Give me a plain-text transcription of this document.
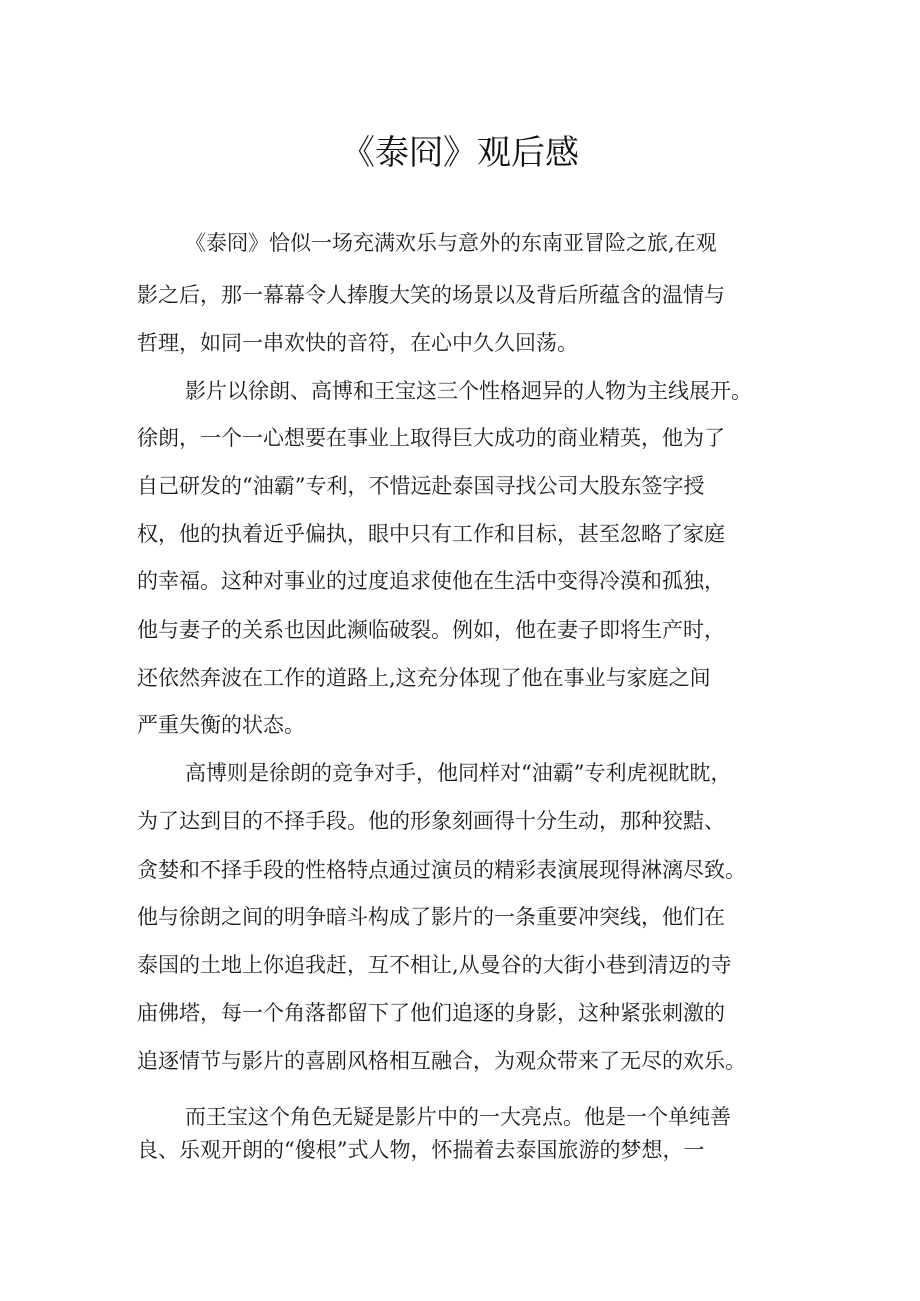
《泰冏》观后感

《泰冏》恰似一场充满欢乐与意外的东南亚冒险之旅,在观

影之后，那一幕幕令人捧腹大笑的场景以及背后所蕴含的温情与

哲理，如同一串欢快的音符，在心中久久回荡。

影片以徐朗、高博和王宝这三个性格迥异的人物为主线展开。

徐朗，一个一心想要在事业上取得巨大成功的商业精英，他为了

自己研发的“油霸”专利，不惜远赴泰国寻找公司大股东签字授

权，他的执着近乎偏执，眼中只有工作和目标，甚至忽略了家庭

的幸福。这种对事业的过度追求使他在生活中变得冷漠和孤独，

他与妻子的关系也因此濒临破裂。例如，他在妻子即将生产时，

还依然奔波在工作的道路上,这充分体现了他在事业与家庭之间

严重失衡的状态。

高博则是徐朗的竞争对手，他同样对“油霸”专利虎视眈眈，

为了达到目的不择手段。他的形象刻画得十分生动，那种狡黠、

贪婪和不择手段的性格特点通过演员的精彩表演展现得淋漓尽致。

他与徐朗之间的明争暗斗构成了影片的一条重要冲突线，他们在

泰国的土地上你追我赶，互不相让,从曼谷的大街小巷到清迈的寺

庙佛塔，每一个角落都留下了他们追逐的身影，这种紧张刺激的

追逐情节与影片的喜剧风格相互融合，为观众带来了无尽的欢乐。

而王宝这个角色无疑是影片中的一大亮点。他是一个单纯善

良、乐观开朗的“傻根”式人物，怀揣着去泰国旅游的梦想，一
